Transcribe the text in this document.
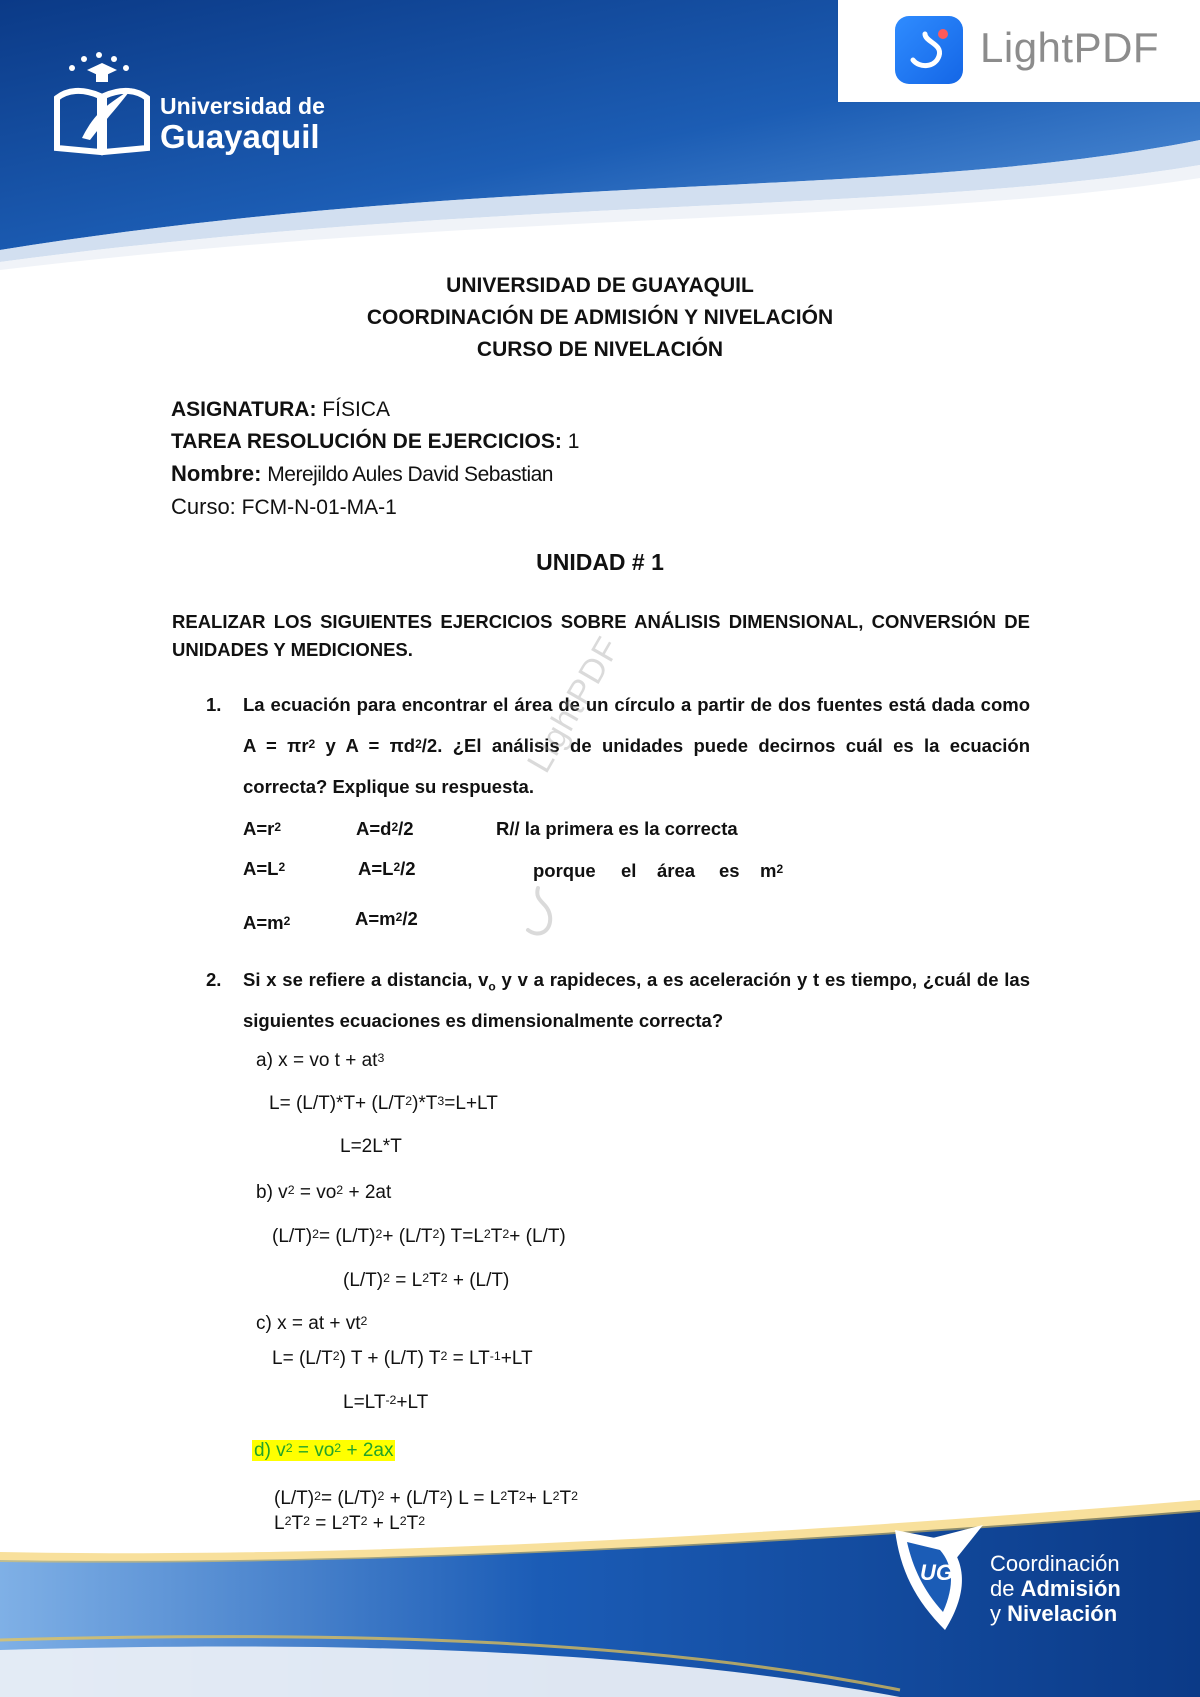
Universidad de
Guayaquil
LightPDF
UNIVERSIDAD DE GUAYAQUIL
COORDINACIÓN DE ADMISIÓN Y NIVELACIÓN
CURSO DE NIVELACIÓN
ASIGNATURA: FÍSICA
TAREA RESOLUCIÓN DE EJERCICIOS: 1
Nombre: Merejildo Aules David Sebastian
Curso: FCM-N-01-MA-1
UNIDAD # 1
REALIZAR LOS SIGUIENTES EJERCICIOS SOBRE ANÁLISIS DIMENSIONAL, CONVERSIÓN DE UNIDADES Y MEDICIONES.
1. La ecuación para encontrar el área de un círculo a partir de dos fuentes está dada como $A = \pi r^2$ y $A = \pi d^2/2$. ¿El análisis de unidades puede decirnos cuál es la ecuación correcta? Explique su respuesta.
$A=r^2$	$A=d^2/2$	R// la primera es la correcta
$A=L^2$	$A=L^2/2$	porque el área es $m^2$
$A=m^2$	$A=m^2/2$
LightPDF
2. Si x se refiere a distancia, $v_o$ y v a rapideces, a es aceleración y t es tiempo, ¿cuál de las siguientes ecuaciones es dimensionalmente correcta?
a) x = vo $t + at^3$
$L= (L/T)*T+ (L/T^2)*T^3=L+LT$
L=2L*T
b) $v^2 = vo^2 + 2at$
$(L/T)^2= (L/T)^2+ (L/T^2)$ $T=L^2T^2+ (L/T)$
$(L/T)^2 = L^2T^2 + (L/T)$
c) x = at + $vt^2$
$L= (L/T^2) T + (L/T) T^2 = LT^{-1}+LT$
$L=LT^{-2}+LT$
d) $v^2 = vo^2 + 2ax$
$(L/T)^2= (L/T)^2 + (L/T^2) L = L^2T^2+ L^2T^2$
$L^2T^2 = L^2T^2 + L^2T^2$
UG Coordinación
de Admisión
y Nivelación
